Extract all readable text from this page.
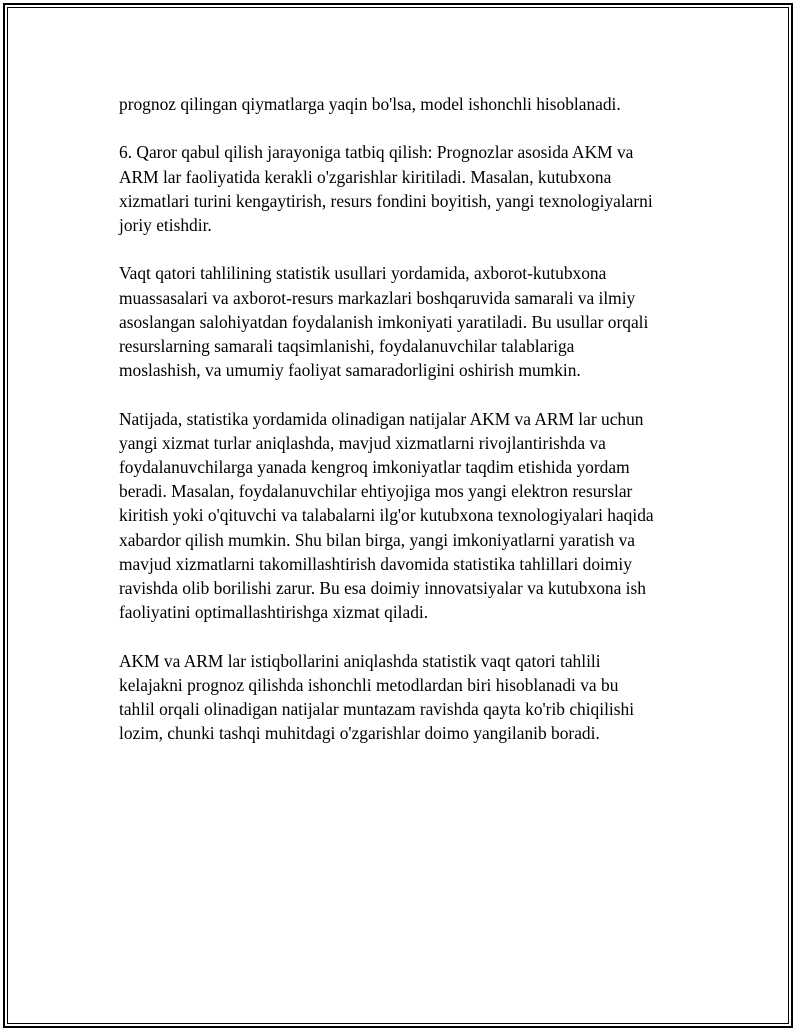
prognoz qilingan qiymatlarga yaqin bo'lsa, model ishonchli hisoblanadi.

6. Qaror qabul qilish jarayoniga tatbiq qilish: Prognozlar asosida AKM va
ARM lar faoliyatida kerakli o'zgarishlar kiritiladi. Masalan, kutubxona
xizmatlari turini kengaytirish, resurs fondini boyitish, yangi texnologiyalarni
joriy etishdir.

Vaqt qatori tahlilining statistik usullari yordamida, axborot-kutubxona
muassasalari va axborot-resurs markazlari boshqaruvida samarali va ilmiy
asoslangan salohiyatdan foydalanish imkoniyati yaratiladi. Bu usullar orqali
resurslarning samarali taqsimlanishi, foydalanuvchilar talablariga
moslashish, va umumiy faoliyat samaradorligini oshirish mumkin.

Natijada, statistika yordamida olinadigan natijalar AKM va ARM lar uchun
yangi xizmat turlar aniqlashda, mavjud xizmatlarni rivojlantirishda va
foydalanuvchilarga yanada kengroq imkoniyatlar taqdim etishida yordam
beradi. Masalan, foydalanuvchilar ehtiyojiga mos yangi elektron resurslar
kiritish yoki o'qituvchi va talabalarni ilg'or kutubxona texnologiyalari haqida
xabardor qilish mumkin. Shu bilan birga, yangi imkoniyatlarni yaratish va
mavjud xizmatlarni takomillashtirish davomida statistika tahlillari doimiy
ravishda olib borilishi zarur. Bu esa doimiy innovatsiyalar va kutubxona ish
faoliyatini optimallashtirishga xizmat qiladi.

AKM va ARM lar istiqbollarini aniqlashda statistik vaqt qatori tahlili
kelajakni prognoz qilishda ishonchli metodlardan biri hisoblanadi va bu
tahlil orqali olinadigan natijalar muntazam ravishda qayta ko'rib chiqilishi
lozim, chunki tashqi muhitdagi o'zgarishlar doimo yangilanib boradi.
